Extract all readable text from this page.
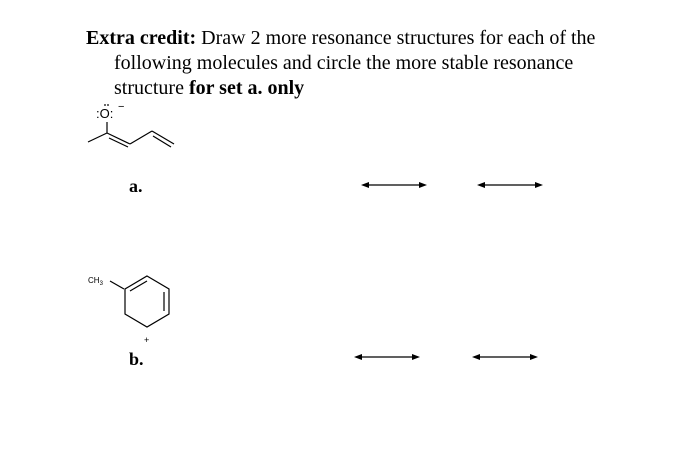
Extra credit: Draw 2 more resonance structures for each of the
following molecules and circle the more stable resonance
structure for set a. only
:O: −
a.
$CH_3$
+
b.
